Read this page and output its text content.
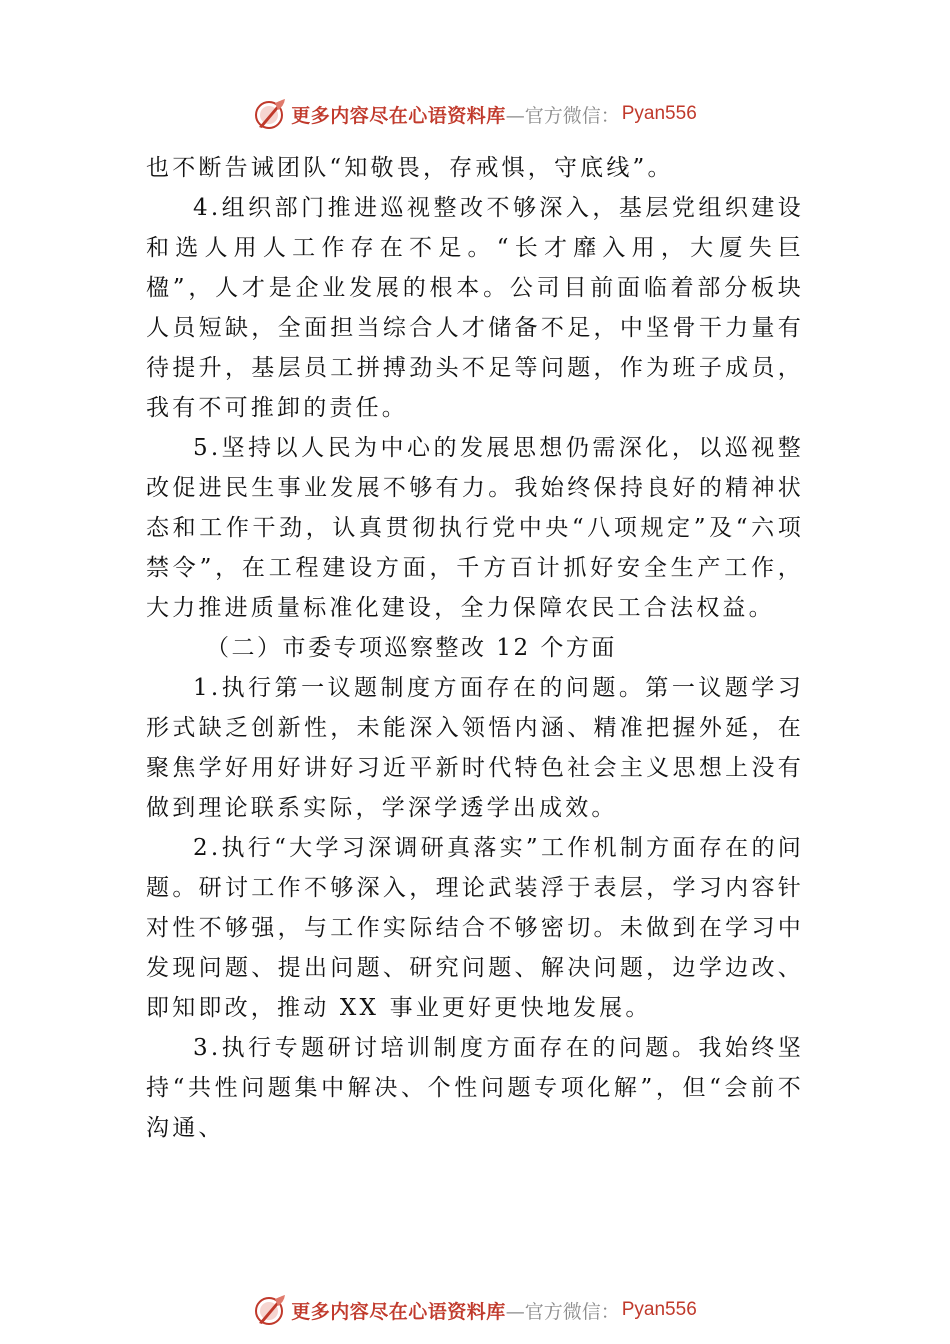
更多内容尽在心语资料库 —官方微信： Pyan556

也不断告诫团队“知敬畏，存戒惧，守底线”。

4.组织部门推进巡视整改不够深入，基层党组织建设和选人用人工作存在不足。“长才靡入用，大厦失巨楹”，人才是企业发展的根本。公司目前面临着部分板块人员短缺，全面担当综合人才储备不足，中坚骨干力量有待提升，基层员工拼搏劲头不足等问题，作为班子成员，我有不可推卸的责任。

5.坚持以人民为中心的发展思想仍需深化，以巡视整改促进民生事业发展不够有力。我始终保持良好的精神状态和工作干劲，认真贯彻执行党中央“八项规定”及“六项禁令”，在工程建设方面，千方百计抓好安全生产工作，大力推进质量标准化建设，全力保障农民工合法权益。

（二）市委专项巡察整改 12 个方面

1.执行第一议题制度方面存在的问题。第一议题学习形式缺乏创新性，未能深入领悟内涵、精准把握外延，在聚焦学好用好讲好习近平新时代特色社会主义思想上没有做到理论联系实际，学深学透学出成效。

2.执行“大学习深调研真落实”工作机制方面存在的问题。研讨工作不够深入，理论武装浮于表层，学习内容针对性不够强，与工作实际结合不够密切。未做到在学习中发现问题、提出问题、研究问题、解决问题，边学边改、即知即改，推动 XX 事业更好更快地发展。

3.执行专题研讨培训制度方面存在的问题。我始终坚持“共性问题集中解决、个性问题专项化解”，但“会前不沟通、

更多内容尽在心语资料库 —官方微信： Pyan556
